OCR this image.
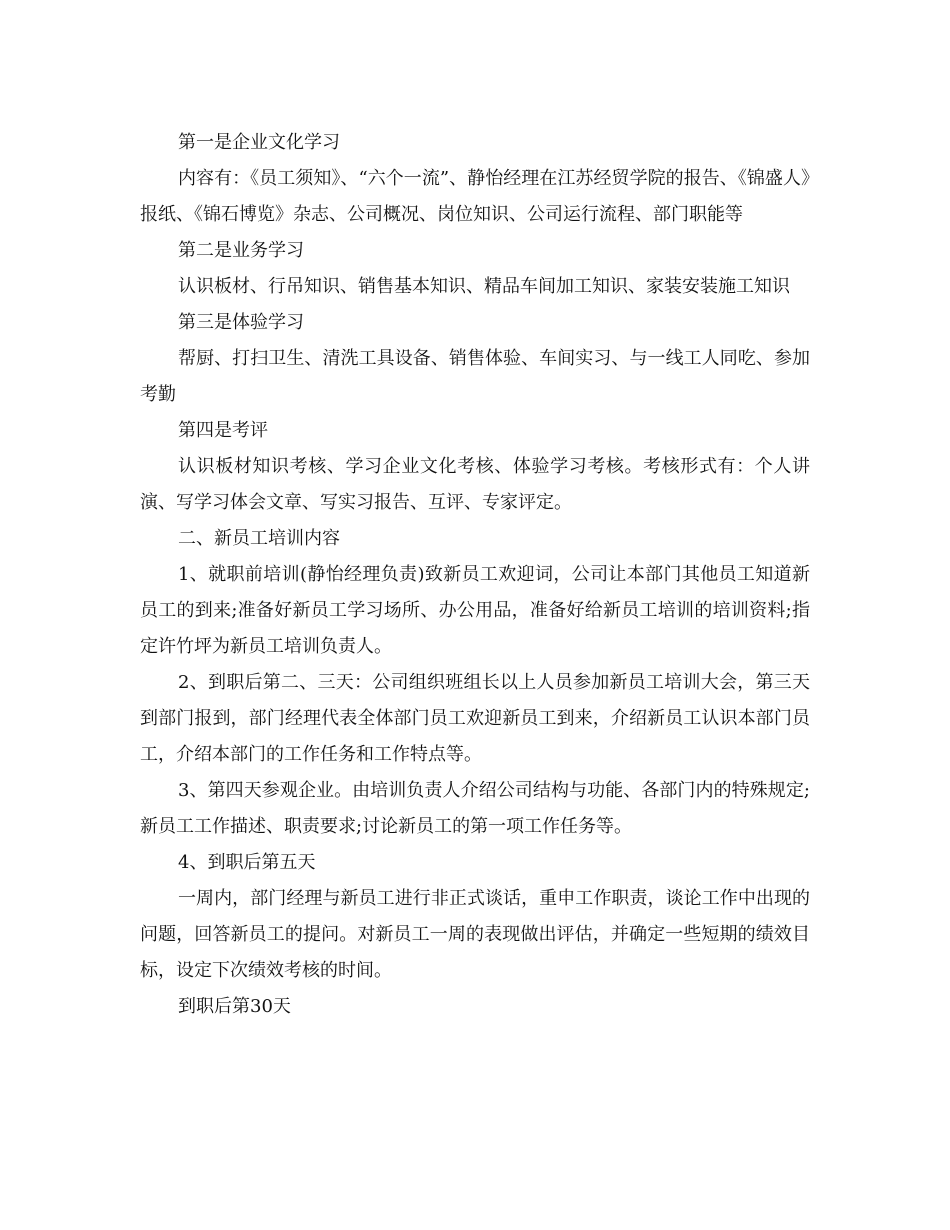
第一是企业文化学习

内容有：《员工须知》、“六个一流”、静怡经理在江苏经贸学院的报告、《锦盛人》报纸、《锦石博览》杂志、公司概况、岗位知识、公司运行流程、部门职能等

第二是业务学习

认识板材、行吊知识、销售基本知识、精品车间加工知识、家装安装施工知识

第三是体验学习

帮厨、打扫卫生、清洗工具设备、销售体验、车间实习、与一线工人同吃、参加考勤

第四是考评

认识板材知识考核、学习企业文化考核、体验学习考核。考核形式有：个人讲演、写学习体会文章、写实习报告、互评、专家评定。

二、新员工培训内容

1、就职前培训(静怡经理负责)致新员工欢迎词，公司让本部门其他员工知道新员工的到来;准备好新员工学习场所、办公用品，准备好给新员工培训的培训资料;指定许竹坪为新员工培训负责人。

2、到职后第二、三天：公司组织班组长以上人员参加新员工培训大会，第三天到部门报到，部门经理代表全体部门员工欢迎新员工到来，介绍新员工认识本部门员工，介绍本部门的工作任务和工作特点等。

3、第四天参观企业。由培训负责人介绍公司结构与功能、各部门内的特殊规定;新员工工作描述、职责要求;讨论新员工的第一项工作任务等。

4、到职后第五天

一周内，部门经理与新员工进行非正式谈话，重申工作职责，谈论工作中出现的问题，回答新员工的提问。对新员工一周的表现做出评估，并确定一些短期的绩效目标，设定下次绩效考核的时间。

到职后第30天
